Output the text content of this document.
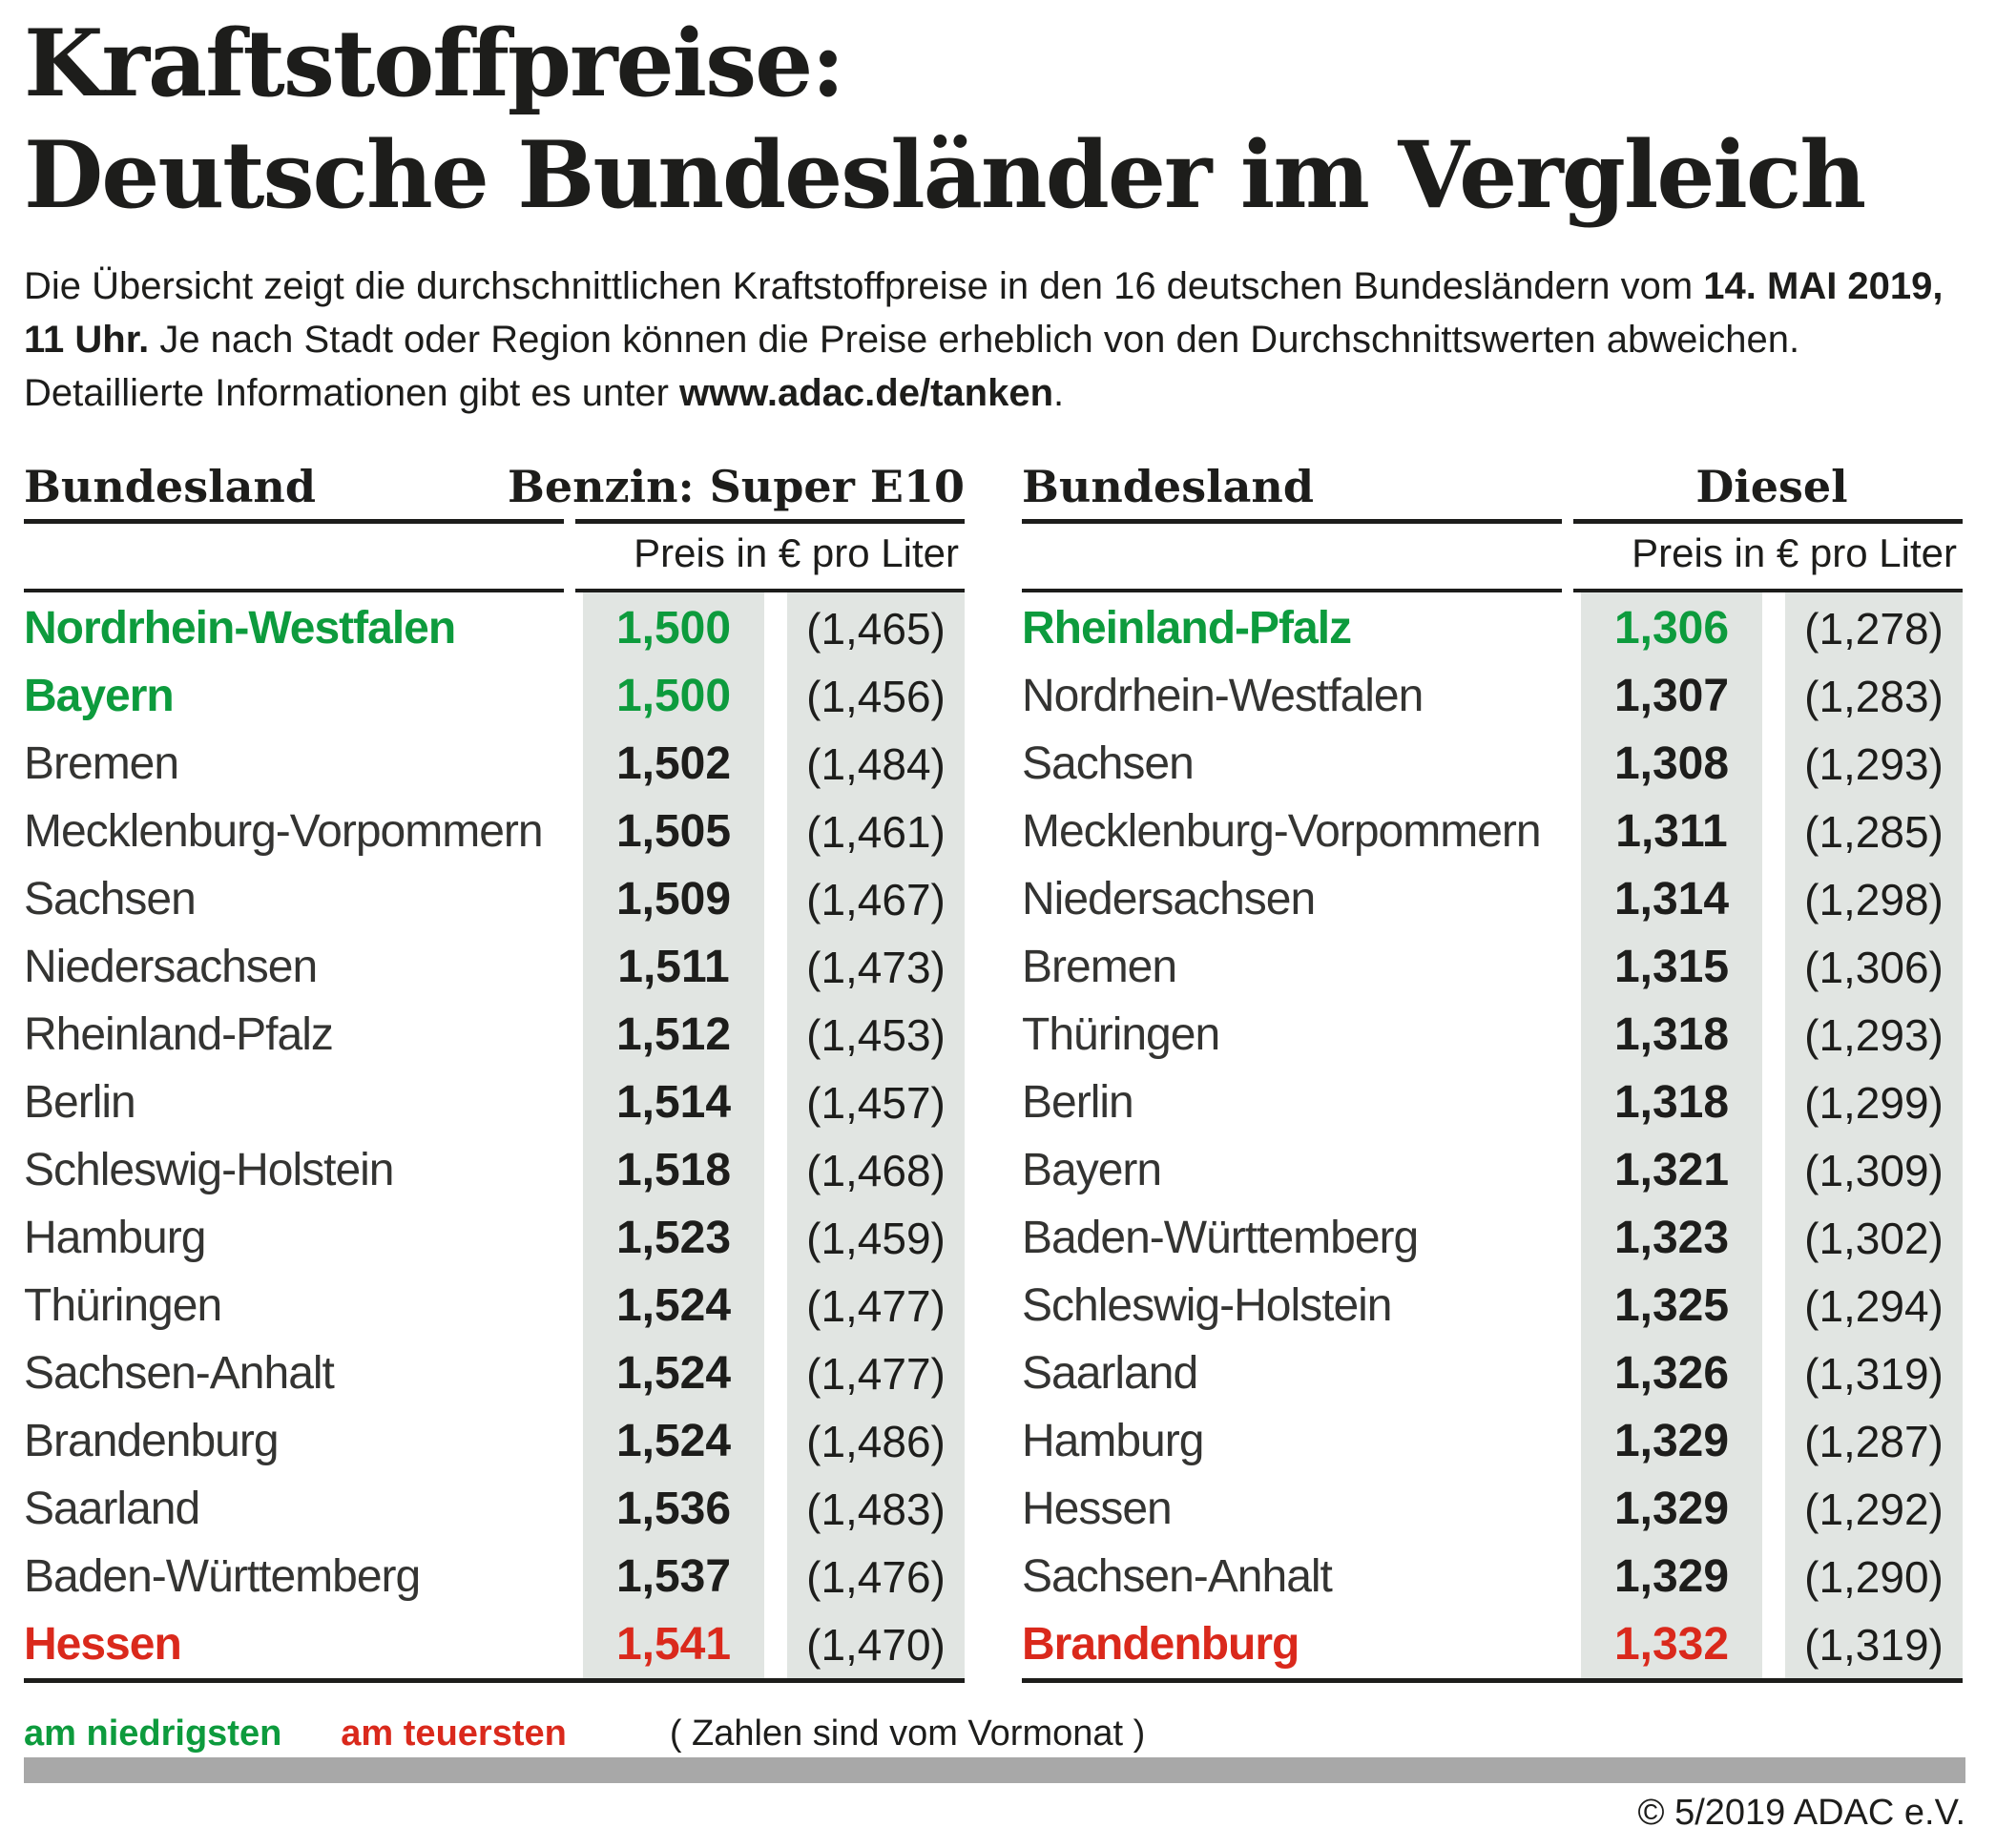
Kraftstoffpreise:
Deutsche Bundesländer im Vergleich
Die Übersicht zeigt die durchschnittlichen Kraftstoffpreise in den 16 deutschen Bundesländern vom 14. MAI 2019,
11 Uhr. Je nach Stadt oder Region können die Preise erheblich von den Durchschnittswerten abweichen.
Detaillierte Informationen gibt es unter www.adac.de/tanken.
Bundesland	Benzin: Super E10
Preis in € pro Liter
Nordrhein-Westfalen	1,500	(1,465)
Bayern	1,500	(1,456)
Bremen	1,502	(1,484)
Mecklenburg-Vorpommern	1,505	(1,461)
Sachsen	1,509	(1,467)
Niedersachsen	1,511	(1,473)
Rheinland-Pfalz	1,512	(1,453)
Berlin	1,514	(1,457)
Schleswig-Holstein	1,518	(1,468)
Hamburg	1,523	(1,459)
Thüringen	1,524	(1,477)
Sachsen-Anhalt	1,524	(1,477)
Brandenburg	1,524	(1,486)
Saarland	1,536	(1,483)
Baden-Württemberg	1,537	(1,476)
Hessen	1,541	(1,470)
Bundesland	Diesel
Preis in € pro Liter
Rheinland-Pfalz	1,306	(1,278)
Nordrhein-Westfalen	1,307	(1,283)
Sachsen	1,308	(1,293)
Mecklenburg-Vorpommern	1,311	(1,285)
Niedersachsen	1,314	(1,298)
Bremen	1,315	(1,306)
Thüringen	1,318	(1,293)
Berlin	1,318	(1,299)
Bayern	1,321	(1,309)
Baden-Württemberg	1,323	(1,302)
Schleswig-Holstein	1,325	(1,294)
Saarland	1,326	(1,319)
Hamburg	1,329	(1,287)
Hessen	1,329	(1,292)
Sachsen-Anhalt	1,329	(1,290)
Brandenburg	1,332	(1,319)
am niedrigsten am teuersten	( Zahlen sind vom Vormonat )
© 5/2019 ADAC e.V.
